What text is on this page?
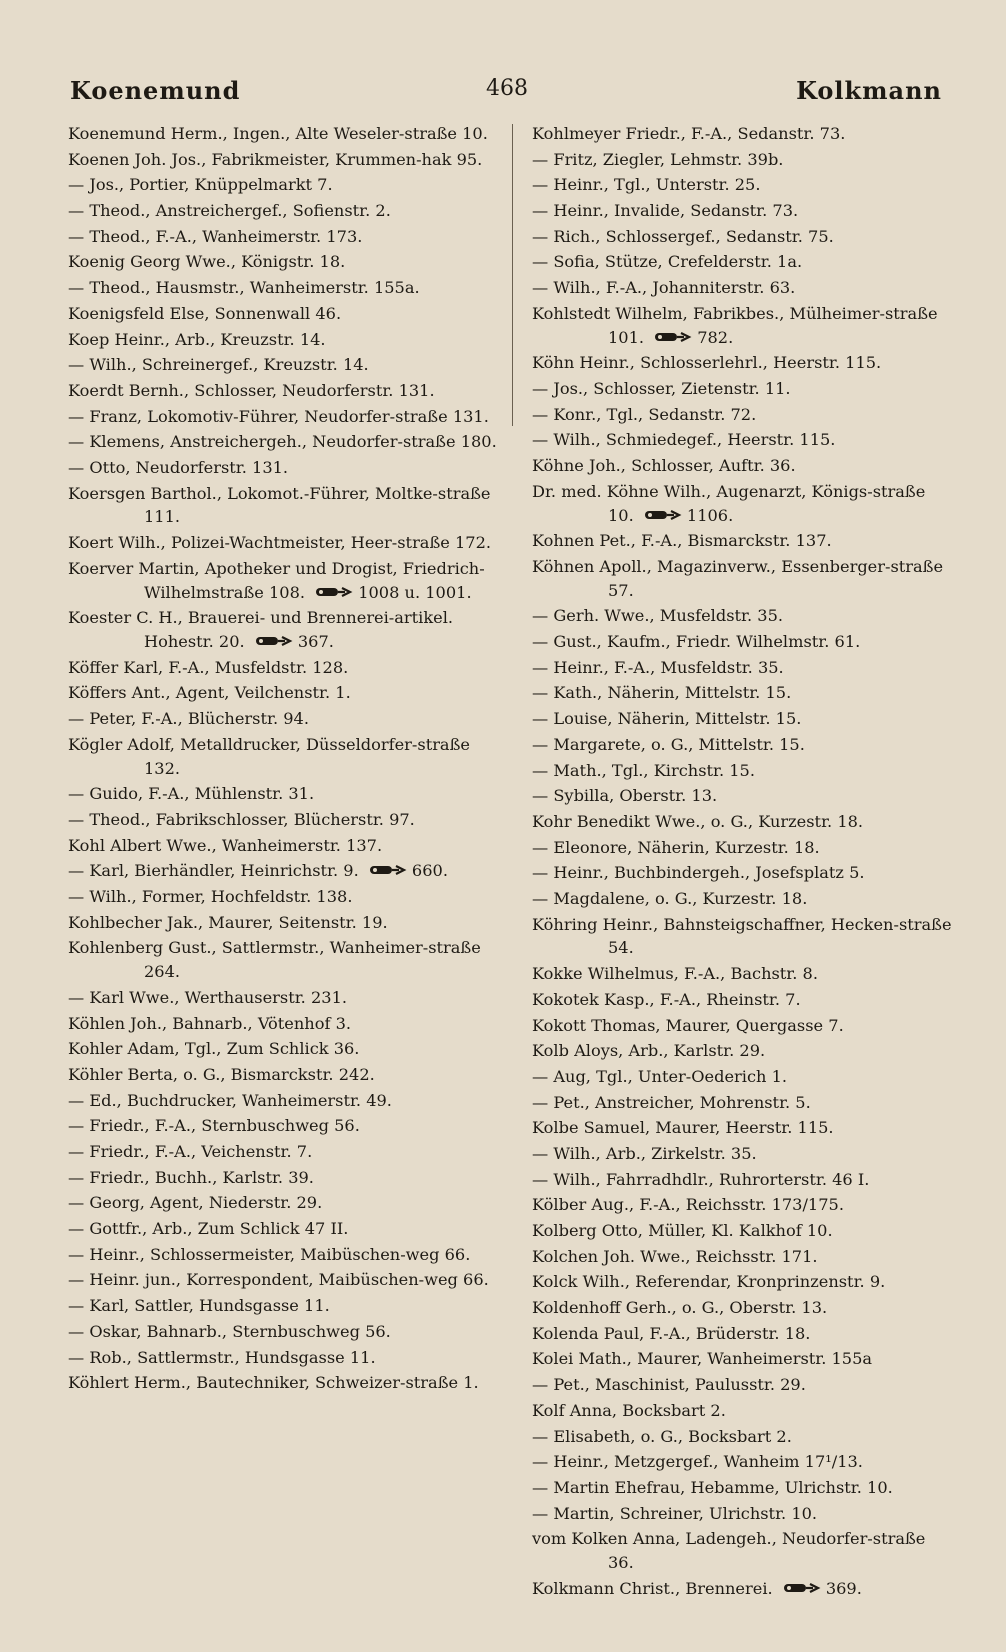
Koenemund	468	Kolkmann
Koenemund Herm., Ingen., Alte Weseler-straße 10.
Koenen Joh. Jos., Fabrikmeister, Krummen-hak 95.
— Jos., Portier, Knüppelmarkt 7.
— Theod., Anstreichergef., Sofienstr. 2.
— Theod., F.-A., Wanheimerstr. 173.
Koenig Georg Wwe., Königstr. 18.
— Theod., Hausmstr., Wanheimerstr. 155a.
Koenigsfeld Else, Sonnenwall 46.
Koep Heinr., Arb., Kreuzstr. 14.
— Wilh., Schreinergef., Kreuzstr. 14.
Koerdt Bernh., Schlosser, Neudorferstr. 131.
— Franz, Lokomotiv-Führer, Neudorfer-straße 131.
— Klemens, Anstreichergeh., Neudorfer-straße 180.
— Otto, Neudorferstr. 131.
Koersgen Barthol., Lokomot.-Führer, Moltke-straße 111.
Koert Wilh., Polizei-Wachtmeister, Heer-straße 172.
Koerver Martin, Apotheker und Drogist, Friedrich-Wilhelmstraße 108.	1008 u. 1001.
Koester C. H., Brauerei- und Brennerei-artikel. Hohestr. 20.	367.
Köffer Karl, F.-A., Musfeldstr. 128.
Köffers Ant., Agent, Veilchenstr. 1.
— Peter, F.-A., Blücherstr. 94.
Kögler Adolf, Metalldrucker, Düsseldorfer-straße 132.
— Guido, F.-A., Mühlenstr. 31.
— Theod., Fabrikschlosser, Blücherstr. 97.
Kohl Albert Wwe., Wanheimerstr. 137.
— Karl, Bierhändler, Heinrichstr. 9.	660.
— Wilh., Former, Hochfeldstr. 138.
Kohlbecher Jak., Maurer, Seitenstr. 19.
Kohlenberg Gust., Sattlermstr., Wanheimer-straße 264.
— Karl Wwe., Werthauserstr. 231.
Köhlen Joh., Bahnarb., Vötenhof 3.
Kohler Adam, Tgl., Zum Schlick 36.
Köhler Berta, o. G., Bismarckstr. 242.
— Ed., Buchdrucker, Wanheimerstr. 49.
— Friedr., F.-A., Sternbuschweg 56.
— Friedr., F.-A., Veichenstr. 7.
— Friedr., Buchh., Karlstr. 39.
— Georg, Agent, Niederstr. 29.
— Gottfr., Arb., Zum Schlick 47 II.
— Heinr., Schlossermeister, Maibüschen-weg 66.
— Heinr. jun., Korrespondent, Maibüschen-weg 66.
— Karl, Sattler, Hundsgasse 11.
— Oskar, Bahnarb., Sternbuschweg 56.
— Rob., Sattlermstr., Hundsgasse 11.
Köhlert Herm., Bautechniker, Schweizer-straße 1.
Kohlmeyer Friedr., F.-A., Sedanstr. 73.
— Fritz, Ziegler, Lehmstr. 39b.
— Heinr., Tgl., Unterstr. 25.
— Heinr., Invalide, Sedanstr. 73.
— Rich., Schlossergef., Sedanstr. 75.
— Sofia, Stütze, Crefelderstr. 1a.
— Wilh., F.-A., Johanniterstr. 63.
Kohlstedt Wilhelm, Fabrikbes., Mülheimer-straße 101.	782.
Köhn Heinr., Schlosserlehrl., Heerstr. 115.
— Jos., Schlosser, Zietenstr. 11.
— Konr., Tgl., Sedanstr. 72.
— Wilh., Schmiedegef., Heerstr. 115.
Köhne Joh., Schlosser, Auftr. 36.
Dr. med. Köhne Wilh., Augenarzt, Königs-straße 10.	1106.
Kohnen Pet., F.-A., Bismarckstr. 137.
Köhnen Apoll., Magazinverw., Essenberger-straße 57.
— Gerh. Wwe., Musfeldstr. 35.
— Gust., Kaufm., Friedr. Wilhelmstr. 61.
— Heinr., F.-A., Musfeldstr. 35.
— Kath., Näherin, Mittelstr. 15.
— Louise, Näherin, Mittelstr. 15.
— Margarete, o. G., Mittelstr. 15.
— Math., Tgl., Kirchstr. 15.
— Sybilla, Oberstr. 13.
Kohr Benedikt Wwe., o. G., Kurzestr. 18.
— Eleonore, Näherin, Kurzestr. 18.
— Heinr., Buchbindergeh., Josefsplatz 5.
— Magdalene, o. G., Kurzestr. 18.
Köhring Heinr., Bahnsteigschaffner, Hecken-straße 54.
Kokke Wilhelmus, F.-A., Bachstr. 8.
Kokotek Kasp., F.-A., Rheinstr. 7.
Kokott Thomas, Maurer, Quergasse 7.
Kolb Aloys, Arb., Karlstr. 29.
— Aug, Tgl., Unter-Oederich 1.
— Pet., Anstreicher, Mohrenstr. 5.
Kolbe Samuel, Maurer, Heerstr. 115.
— Wilh., Arb., Zirkelstr. 35.
— Wilh., Fahrradhdlr., Ruhrorterstr. 46 I.
Kölber Aug., F.-A., Reichsstr. 173/175.
Kolberg Otto, Müller, Kl. Kalkhof 10.
Kolchen Joh. Wwe., Reichsstr. 171.
Kolck Wilh., Referendar, Kronprinzenstr. 9.
Koldenhoff Gerh., o. G., Oberstr. 13.
Kolenda Paul, F.-A., Brüderstr. 18.
Kolei Math., Maurer, Wanheimerstr. 155a
— Pet., Maschinist, Paulusstr. 29.
Kolf Anna, Bocksbart 2.
— Elisabeth, o. G., Bocksbart 2.
— Heinr., Metzgergef., Wanheim 17¹/13.
— Martin Ehefrau, Hebamme, Ulrichstr. 10.
— Martin, Schreiner, Ulrichstr. 10.
vom Kolken Anna, Ladengeh., Neudorfer-straße 36.
Kolkmann Christ., Brennerei.	369.
